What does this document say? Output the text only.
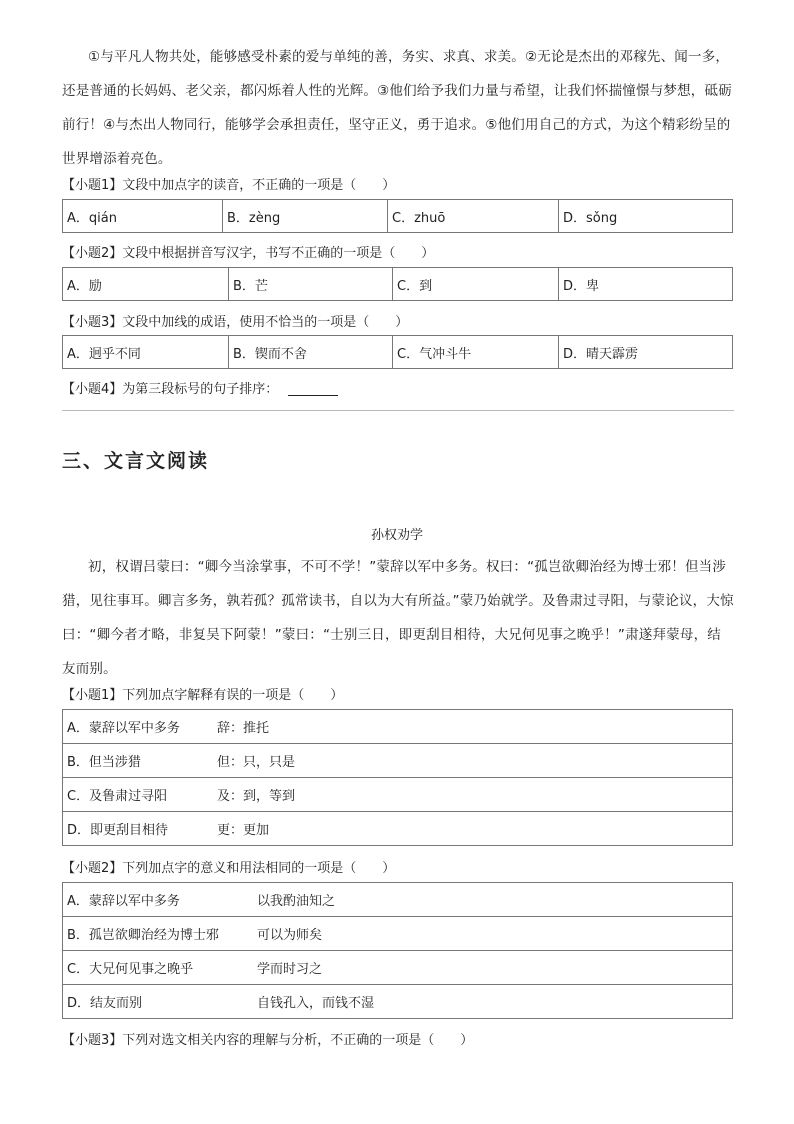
①与平凡人物共处，能够感受朴素的爱与单纯的善，务实、求真、求美。②无论是杰出的邓稼先、闻一多，还是普通的长妈妈、老父亲，都闪烁着人性的光辉。③他们给予我们力量与希望，让我们怀揣憧憬与梦想，砥砺前行！④与杰出人物同行，能够学会承担责任，坚守正义，勇于追求。⑤他们用自己的方式，为这个精彩纷呈的世界增添着亮色。

【小题1】文段中加点字的读音，不正确的一项是（　　）

A．qián	B．zèng	C．zhuō	D．sǒng

【小题2】文段中根据拼音写汉字，书写不正确的一项是（　　）

A．励	B．芒	C．到	D．卑

【小题3】文段中加线的成语，使用不恰当的一项是（　　）

A．迥乎不同	B．锲而不舍	C．气冲斗牛	D．晴天霹雳

【小题4】为第三段标号的句子排序：

三、文言文阅读

孙权劝学

初，权谓吕蒙曰：“卿今当涂掌事，不可不学！”蒙辞以军中多务。权曰：“孤岂欲卿治经为博士邪！但当涉猎，见往事耳。卿言多务，孰若孤？孤常读书，自以为大有所益。”蒙乃始就学。及鲁肃过寻阳，与蒙论议，大惊曰：“卿今者才略，非复吴下阿蒙！”蒙曰：“士别三日，即更刮目相待，大兄何见事之晚乎！”肃遂拜蒙母，结友而别。

【小题1】下列加点字解释有误的一项是（　　）

A．蒙辞以军中多务	辞：推托
B．但当涉猎	但：只，只是
C．及鲁肃过寻阳	及：到，等到
D．即更刮目相待	更：更加

【小题2】下列加点字的意义和用法相同的一项是（　　）

A．蒙辞以军中多务	以我酌油知之
B．孤岂欲卿治经为博士邪	可以为师矣
C．大兄何见事之晚乎	学而时习之
D．结友而别	自钱孔入，而钱不湿

【小题3】下列对选文相关内容的理解与分析，不正确的一项是（　　）
